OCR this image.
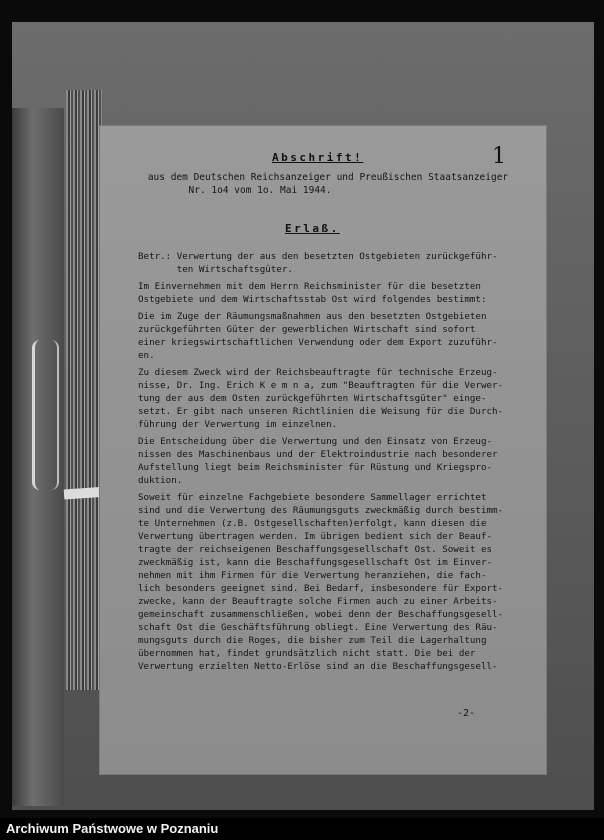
1
Abschrift!
aus dem Deutschen Reichsanzeiger und Preußischen Staatsanzeiger
Nr. 1o4 vom 1o. Mai 1944.
Erlaß.

Betr.: Verwertung der aus den besetzten Ostgebieten zurückgeführ-
ten Wirtschaftsgüter.

Im Einvernehmen mit dem Herrn Reichsminister für die besetzten
Ostgebiete und dem Wirtschaftsstab Ost wird folgendes bestimmt:

Die im Zuge der Räumungsmaßnahmen aus den besetzten Ostgebieten
zurückgeführten Güter der gewerblichen Wirtschaft sind sofort
einer kriegswirtschaftlichen Verwendung oder dem Export zuzuführ-
en.

Zu diesem Zweck wird der Reichsbeauftragte für technische Erzeug-
nisse, Dr. Ing. Erich K e m n a, zum "Beauftragten für die Verwer-
tung der aus dem Osten zurückgeführten Wirtschaftsgüter" einge-
setzt. Er gibt nach unseren Richtlinien die Weisung für die Durch-
führung der Verwertung im einzelnen.

Die Entscheidung über die Verwertung und den Einsatz von Erzeug-
nissen des Maschinenbaus und der Elektroindustrie nach besonderer
Aufstellung liegt beim Reichsminister für Rüstung und Kriegspro-
duktion.

Soweit für einzelne Fachgebiete besondere Sammellager errichtet
sind und die Verwertung des Räumungsguts zweckmäßig durch bestimm-
te Unternehmen (z.B. Ostgesellschaften)erfolgt, kann diesen die
Verwertung übertragen werden. Im übrigen bedient sich der Beauf-
tragte der reichseigenen Beschaffungsgesellschaft Ost. Soweit es
zweckmäßig ist, kann die Beschaffungsgesellschaft Ost im Einver-
nehmen mit ihm Firmen für die Verwertung heranziehen, die fach-
lich besonders geeignet sind. Bei Bedarf, insbesondere für Export-
zwecke, kann der Beauftragte solche Firmen auch zu einer Arbeits-
gemeinschaft zusammenschließen, wobei denn der Beschaffungsgesell-
schaft Ost die Geschäftsführung obliegt. Eine Verwertung des Räu-
mungsguts durch die Roges, die bisher zum Teil die Lagerhaltung
übernommen hat, findet grundsätzlich nicht statt. Die bei der
Verwertung erzielten Netto-Erlöse sind an die Beschaffungsgesell-

-2-
Archiwum Państwowe w Poznaniu
